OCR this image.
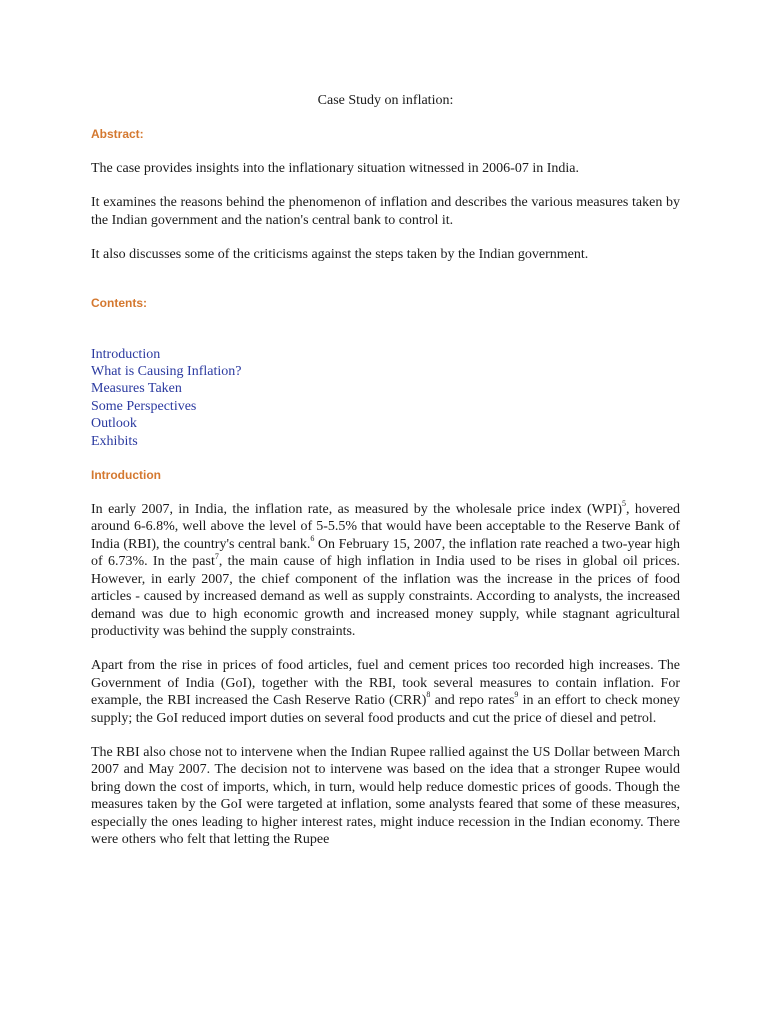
Case Study on inflation:

Abstract:

The case provides insights into the inflationary situation witnessed in 2006-07 in India.

It examines the reasons behind the phenomenon of inflation and describes the various measures taken by the Indian government and the nation's central bank to control it.

It also discusses some of the criticisms against the steps taken by the Indian government.

Contents:

Introduction
What is Causing Inflation?
Measures Taken
Some Perspectives
Outlook
Exhibits

Introduction

In early 2007, in India, the inflation rate, as measured by the wholesale price index (WPI)$^5$, hovered around 6-6.8%, well above the level of 5-5.5% that would have been acceptable to the Reserve Bank of India (RBI), the country's central bank.$^6$ On February 15, 2007, the inflation rate reached a two-year high of 6.73%. In the past$^7$, the main cause of high inflation in India used to be rises in global oil prices. However, in early 2007, the chief component of the inflation was the increase in the prices of food articles - caused by increased demand as well as supply constraints. According to analysts, the increased demand was due to high economic growth and increased money supply, while stagnant agricultural productivity was behind the supply constraints.

Apart from the rise in prices of food articles, fuel and cement prices too recorded high increases. The Government of India (GoI), together with the RBI, took several measures to contain inflation. For example, the RBI increased the Cash Reserve Ratio (CRR)$^8$ and repo rates$^9$ in an effort to check money supply; the GoI reduced import duties on several food products and cut the price of diesel and petrol.

The RBI also chose not to intervene when the Indian Rupee rallied against the US Dollar between March 2007 and May 2007. The decision not to intervene was based on the idea that a stronger Rupee would bring down the cost of imports, which, in turn, would help reduce domestic prices of goods. Though the measures taken by the GoI were targeted at inflation, some analysts feared that some of these measures, especially the ones leading to higher interest rates, might induce recession in the Indian economy. There were others who felt that letting the Rupee
